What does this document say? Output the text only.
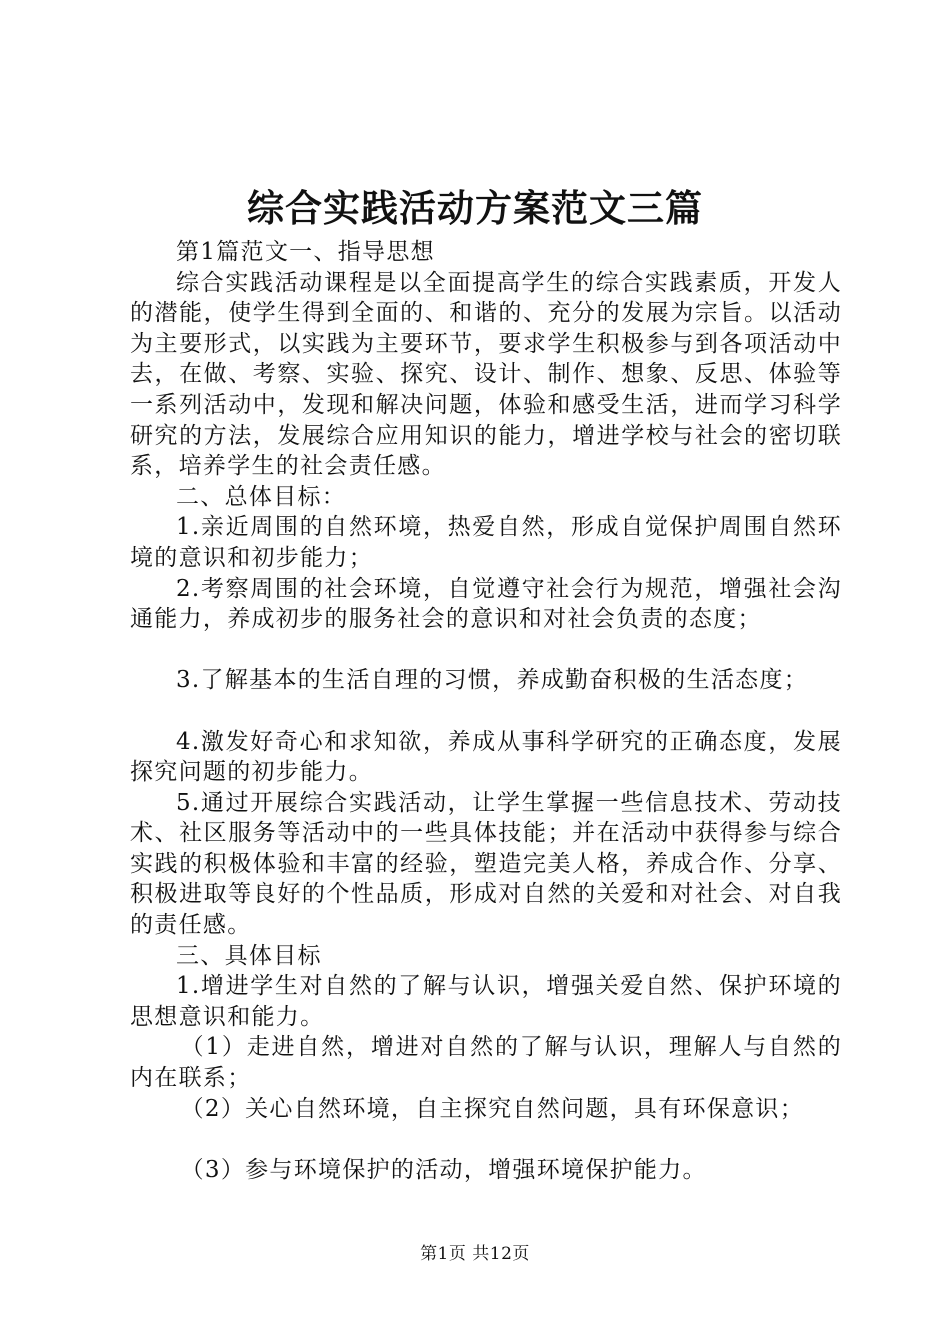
综合实践活动方案范文三篇

第1篇范文一、指导思想

综合实践活动课程是以全面提高学生的综合实践素质，开发人的潜能，使学生得到全面的、和谐的、充分的发展为宗旨。以活动为主要形式，以实践为主要环节，要求学生积极参与到各项活动中去，在做、考察、实验、探究、设计、制作、想象、反思、体验等一系列活动中，发现和解决问题，体验和感受生活，进而学习科学研究的方法，发展综合应用知识的能力，增进学校与社会的密切联系，培养学生的社会责任感。

二、总体目标：

1.亲近周围的自然环境，热爱自然，形成自觉保护周围自然环境的意识和初步能力；

2.考察周围的社会环境，自觉遵守社会行为规范，增强社会沟通能力，养成初步的服务社会的意识和对社会负责的态度；

3.了解基本的生活自理的习惯，养成勤奋积极的生活态度；

4.激发好奇心和求知欲，养成从事科学研究的正确态度，发展探究问题的初步能力。

5.通过开展综合实践活动，让学生掌握一些信息技术、劳动技术、社区服务等活动中的一些具体技能；并在活动中获得参与综合实践的积极体验和丰富的经验，塑造完美人格，养成合作、分享、积极进取等良好的个性品质，形成对自然的关爱和对社会、对自我的责任感。

三、具体目标

1.增进学生对自然的了解与认识，增强关爱自然、保护环境的思想意识和能力。

（1）走进自然，增进对自然的了解与认识，理解人与自然的内在联系；

（2）关心自然环境，自主探究自然问题，具有环保意识；

（3）参与环境保护的活动，增强环境保护能力。

第1页 共12页
